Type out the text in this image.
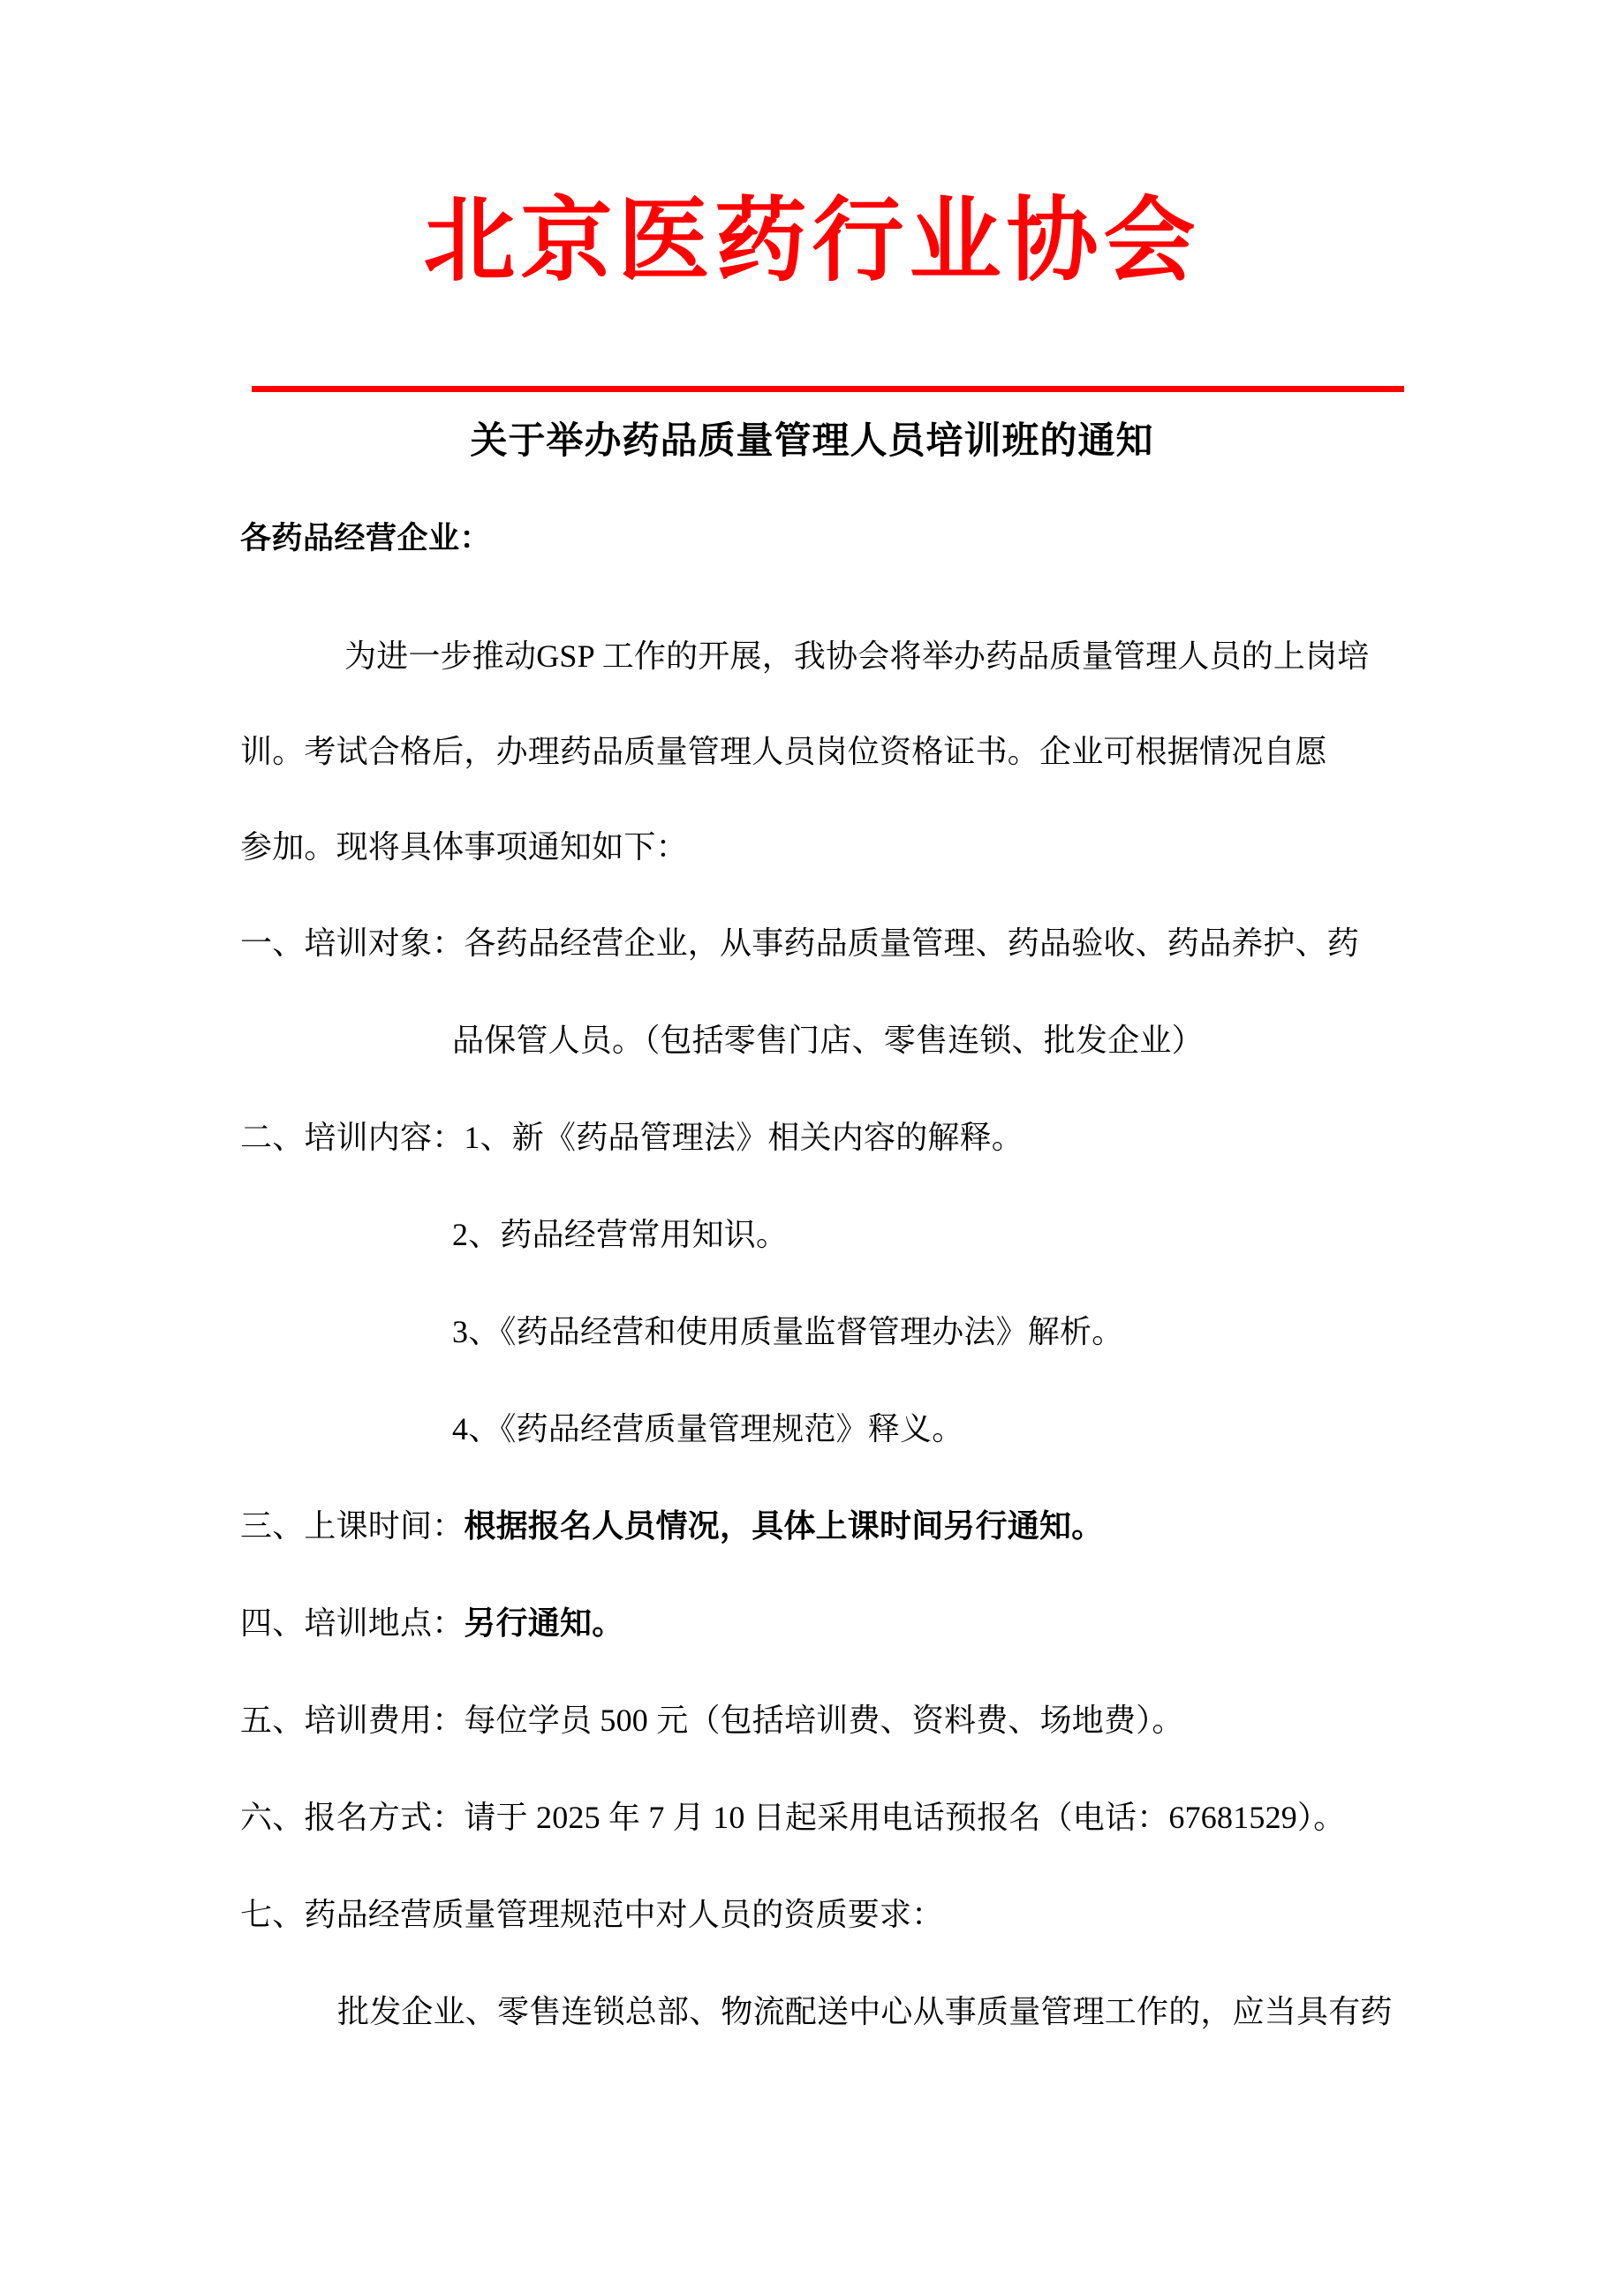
北京医药行业协会
关于举办药品质量管理人员培训班的通知

各药品经营企业：

为进一步推动GSP 工作的开展，我协会将举办药品质量管理人员的上岗培

训。考试合格后，办理药品质量管理人员岗位资格证书。企业可根据情况自愿

参加。现将具体事项通知如下：

一、培训对象：各药品经营企业，从事药品质量管理、药品验收、药品养护、药

品保管人员。（包括零售门店、零售连锁、批发企业）

二、培训内容：1、新《药品管理法》相关内容的解释。

2、药品经营常用知识。

3、《药品经营和使用质量监督管理办法》解析。

4、《药品经营质量管理规范》释义。

三、上课时间：根据报名人员情况，具体上课时间另行通知。

四、培训地点：另行通知。

五、培训费用：每位学员 500 元（包括培训费、资料费、场地费）。

六、报名方式：请于 2025 年 7 月 10 日起采用电话预报名（电话：67681529）。

七、药品经营质量管理规范中对人员的资质要求：

批发企业、零售连锁总部、物流配送中心从事质量管理工作的，应当具有药
